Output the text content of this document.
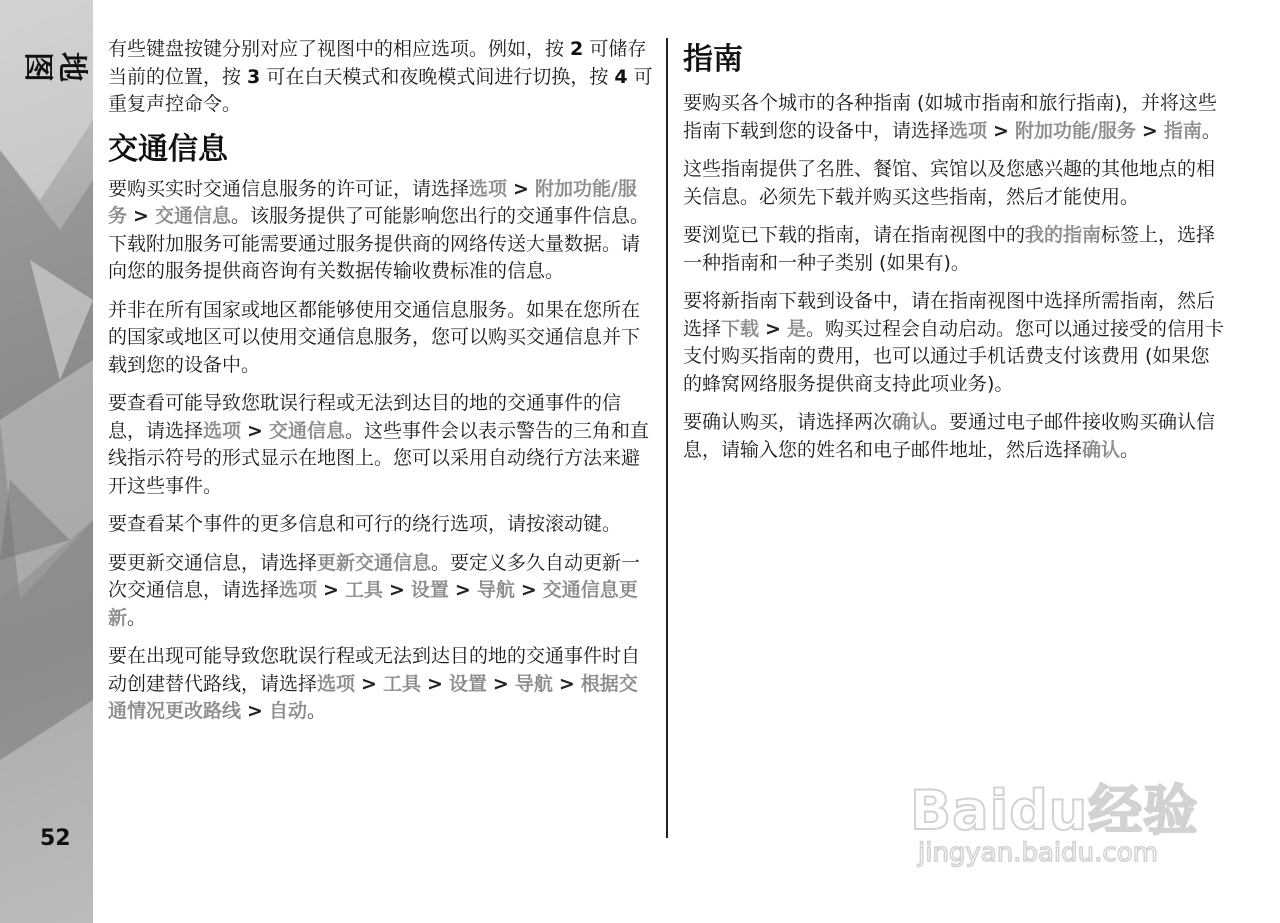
地图
52

有些键盘按键分别对应了视图中的相应选项。例如，按 2 可储存当前的位置，按 3 可在白天模式和夜晚模式间进行切换，按 4 可重复声控命令。

交通信息

要购买实时交通信息服务的许可证，请选择选项 > 附加功能/服务 > 交通信息。该服务提供了可能影响您出行的交通事件信息。下载附加服务可能需要通过服务提供商的网络传送大量数据。请向您的服务提供商咨询有关数据传输收费标准的信息。

并非在所有国家或地区都能够使用交通信息服务。如果在您所在的国家或地区可以使用交通信息服务，您可以购买交通信息并下载到您的设备中。

要查看可能导致您耽误行程或无法到达目的地的交通事件的信息，请选择选项 > 交通信息。这些事件会以表示警告的三角和直线指示符号的形式显示在地图上。您可以采用自动绕行方法来避开这些事件。

要查看某个事件的更多信息和可行的绕行选项，请按滚动键。

要更新交通信息，请选择更新交通信息。要定义多久自动更新一次交通信息，请选择选项 > 工具 > 设置 > 导航 > 交通信息更新。

要在出现可能导致您耽误行程或无法到达目的地的交通事件时自动创建替代路线，请选择选项 > 工具 > 设置 > 导航 > 根据交通情况更改路线 > 自动。

指南

要购买各个城市的各种指南 (如城市指南和旅行指南)，并将这些指南下载到您的设备中，请选择选项 > 附加功能/服务 > 指南。

这些指南提供了名胜、餐馆、宾馆以及您感兴趣的其他地点的相关信息。必须先下载并购买这些指南，然后才能使用。

要浏览已下载的指南，请在指南视图中的我的指南标签上，选择一种指南和一种子类别 (如果有)。

要将新指南下载到设备中，请在指南视图中选择所需指南，然后选择下载 > 是。购买过程会自动启动。您可以通过接受的信用卡支付购买指南的费用，也可以通过手机话费支付该费用 (如果您的蜂窝网络服务提供商支持此项业务)。

要确认购买，请选择两次确认。要通过电子邮件接收购买确认信息，请输入您的姓名和电子邮件地址，然后选择确认。

Baidu经验
jingyan.baidu.com
